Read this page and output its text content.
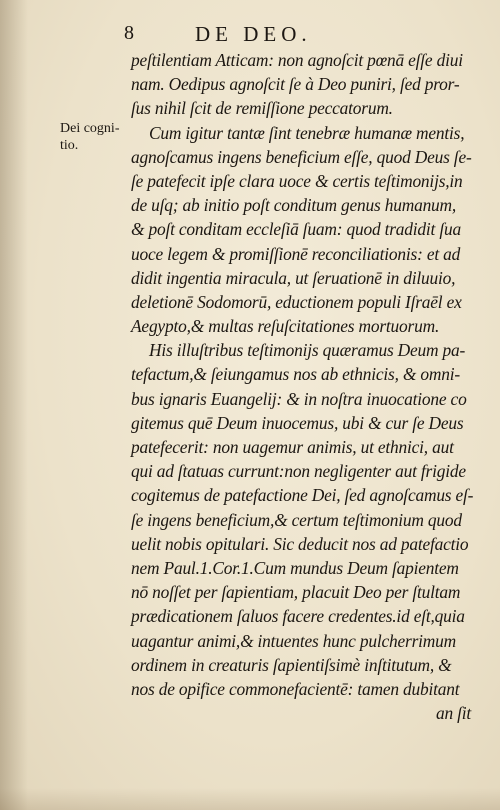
8	DE DEO.
Dei cogni-
tio.
peſtilentiam Atticam: non agnoſcit pœnā eſſe diui
nam. Oedipus agnoſcit ſe à Deo puniri, ſed pror-
ſus nihil ſcit de remiſſione peccatorum.
Cum igitur tantæ ſint tenebræ humanæ mentis,
agnoſcamus ingens beneficium eſſe, quod Deus ſe-
ſe patefecit ipſe clara uoce & certis teſtimonijs,in
de uſq; ab initio poſt conditum genus humanum,
& poſt conditam eccleſiā ſuam: quod tradidit ſua
uoce legem & promiſſionē reconciliationis: et ad
didit ingentia miracula, ut ſeruationē in diluuio,
deletionē Sodomorū, eductionem populi Iſraēl ex
Aegypto,& multas reſuſcitationes mortuorum.
His illuſtribus teſtimonijs quæramus Deum pa-
tefactum,& ſeiungamus nos ab ethnicis, & omni-
bus ignaris Euangelij: & in noſtra inuocatione co
gitemus quē Deum inuocemus, ubi & cur ſe Deus
patefecerit: non uagemur animis, ut ethnici, aut
qui ad ſtatuas currunt:non negligenter aut frigide
cogitemus de patefactione Dei, ſed agnoſcamus eſ-
ſe ingens beneficium,& certum teſtimonium quod
uelit nobis opitulari. Sic deducit nos ad patefactio
nem Paul.1.Cor.1.Cum mundus Deum ſapientem
nō noſſet per ſapientiam, placuit Deo per ſtultam
prædicationem ſaluos facere credentes.id eſt,quia
uagantur animi,& intuentes hunc pulcherrimum
ordinem in creaturis ſapientiſsimè inſtitutum, &
nos de opifice commonefacientē: tamen dubitant
an ſit
